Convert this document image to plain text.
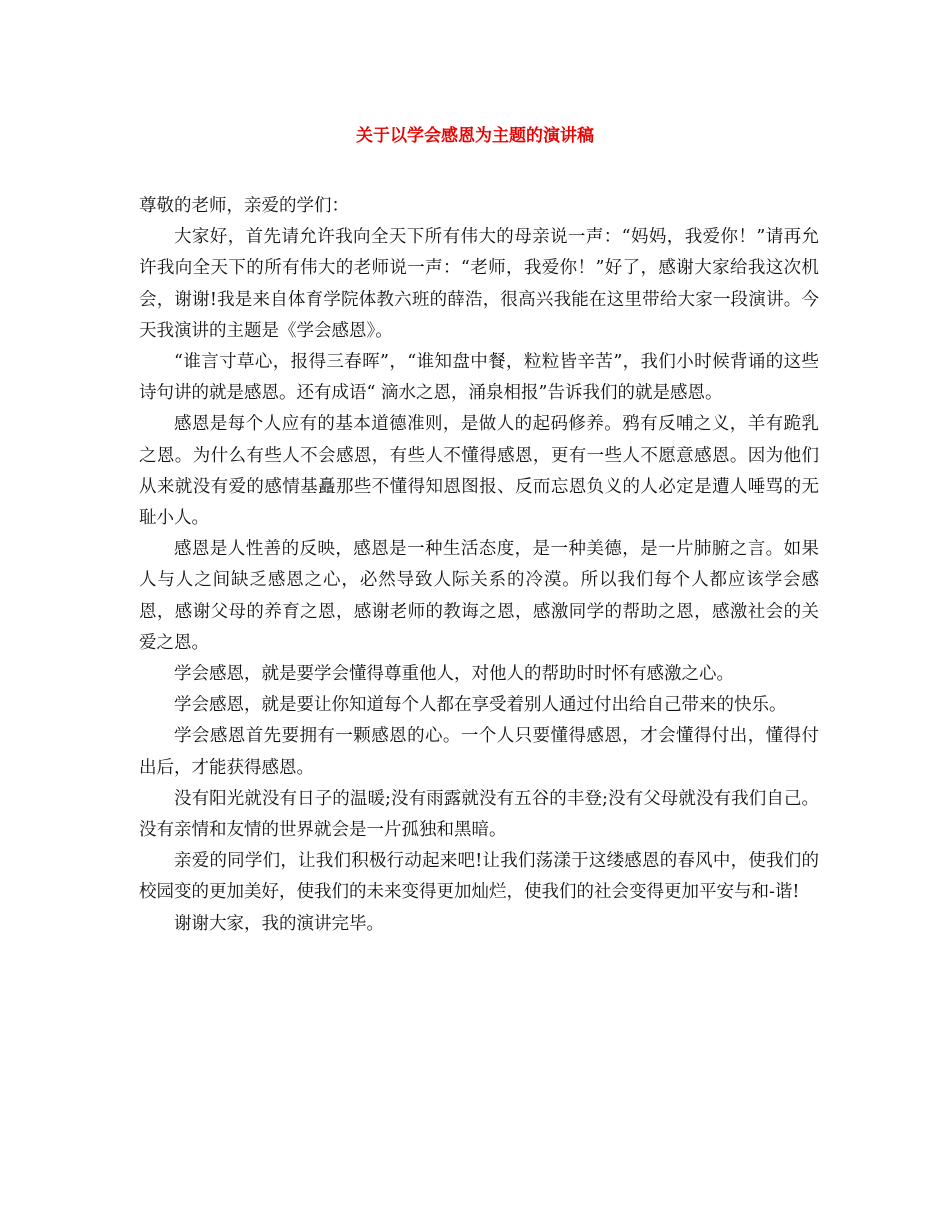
关于以学会感恩为主题的演讲稿

尊敬的老师，亲爱的学们：

大家好，首先请允许我向全天下所有伟大的母亲说一声：“妈妈，我爱你！”请再允许我向全天下的所有伟大的老师说一声：“老师，我爱你！”好了，感谢大家给我这次机会，谢谢!我是来自体育学院体教六班的薛浩，很高兴我能在这里带给大家一段演讲。今天我演讲的主题是《学会感恩》。

“谁言寸草心，报得三春晖”，“谁知盘中餐，粒粒皆辛苦”，我们小时候背诵的这些诗句讲的就是感恩。还有成语“ 滴水之恩，涌泉相报”告诉我们的就是感恩。

感恩是每个人应有的基本道德准则，是做人的起码修养。鸦有反哺之义，羊有跪乳之恩。为什么有些人不会感恩，有些人不懂得感恩，更有一些人不愿意感恩。因为他们从来就没有爱的感情基矗那些不懂得知恩图报、反而忘恩负义的人必定是遭人唾骂的无耻小人。

感恩是人性善的反映，感恩是一种生活态度，是一种美德，是一片肺腑之言。如果人与人之间缺乏感恩之心，必然导致人际关系的冷漠。所以我们每个人都应该学会感恩，感谢父母的养育之恩，感谢老师的教诲之恩，感激同学的帮助之恩，感激社会的关爱之恩。

学会感恩，就是要学会懂得尊重他人，对他人的帮助时时怀有感激之心。

学会感恩，就是要让你知道每个人都在享受着别人通过付出给自己带来的快乐。

学会感恩首先要拥有一颗感恩的心。一个人只要懂得感恩，才会懂得付出，懂得付出后，才能获得感恩。

没有阳光就没有日子的温暖;没有雨露就没有五谷的丰登;没有父母就没有我们自己。没有亲情和友情的世界就会是一片孤独和黑暗。

亲爱的同学们，让我们积极行动起来吧!让我们荡漾于这缕感恩的春风中，使我们的校园变的更加美好，使我们的未来变得更加灿烂，使我们的社会变得更加平安与和-谐!

谢谢大家，我的演讲完毕。
